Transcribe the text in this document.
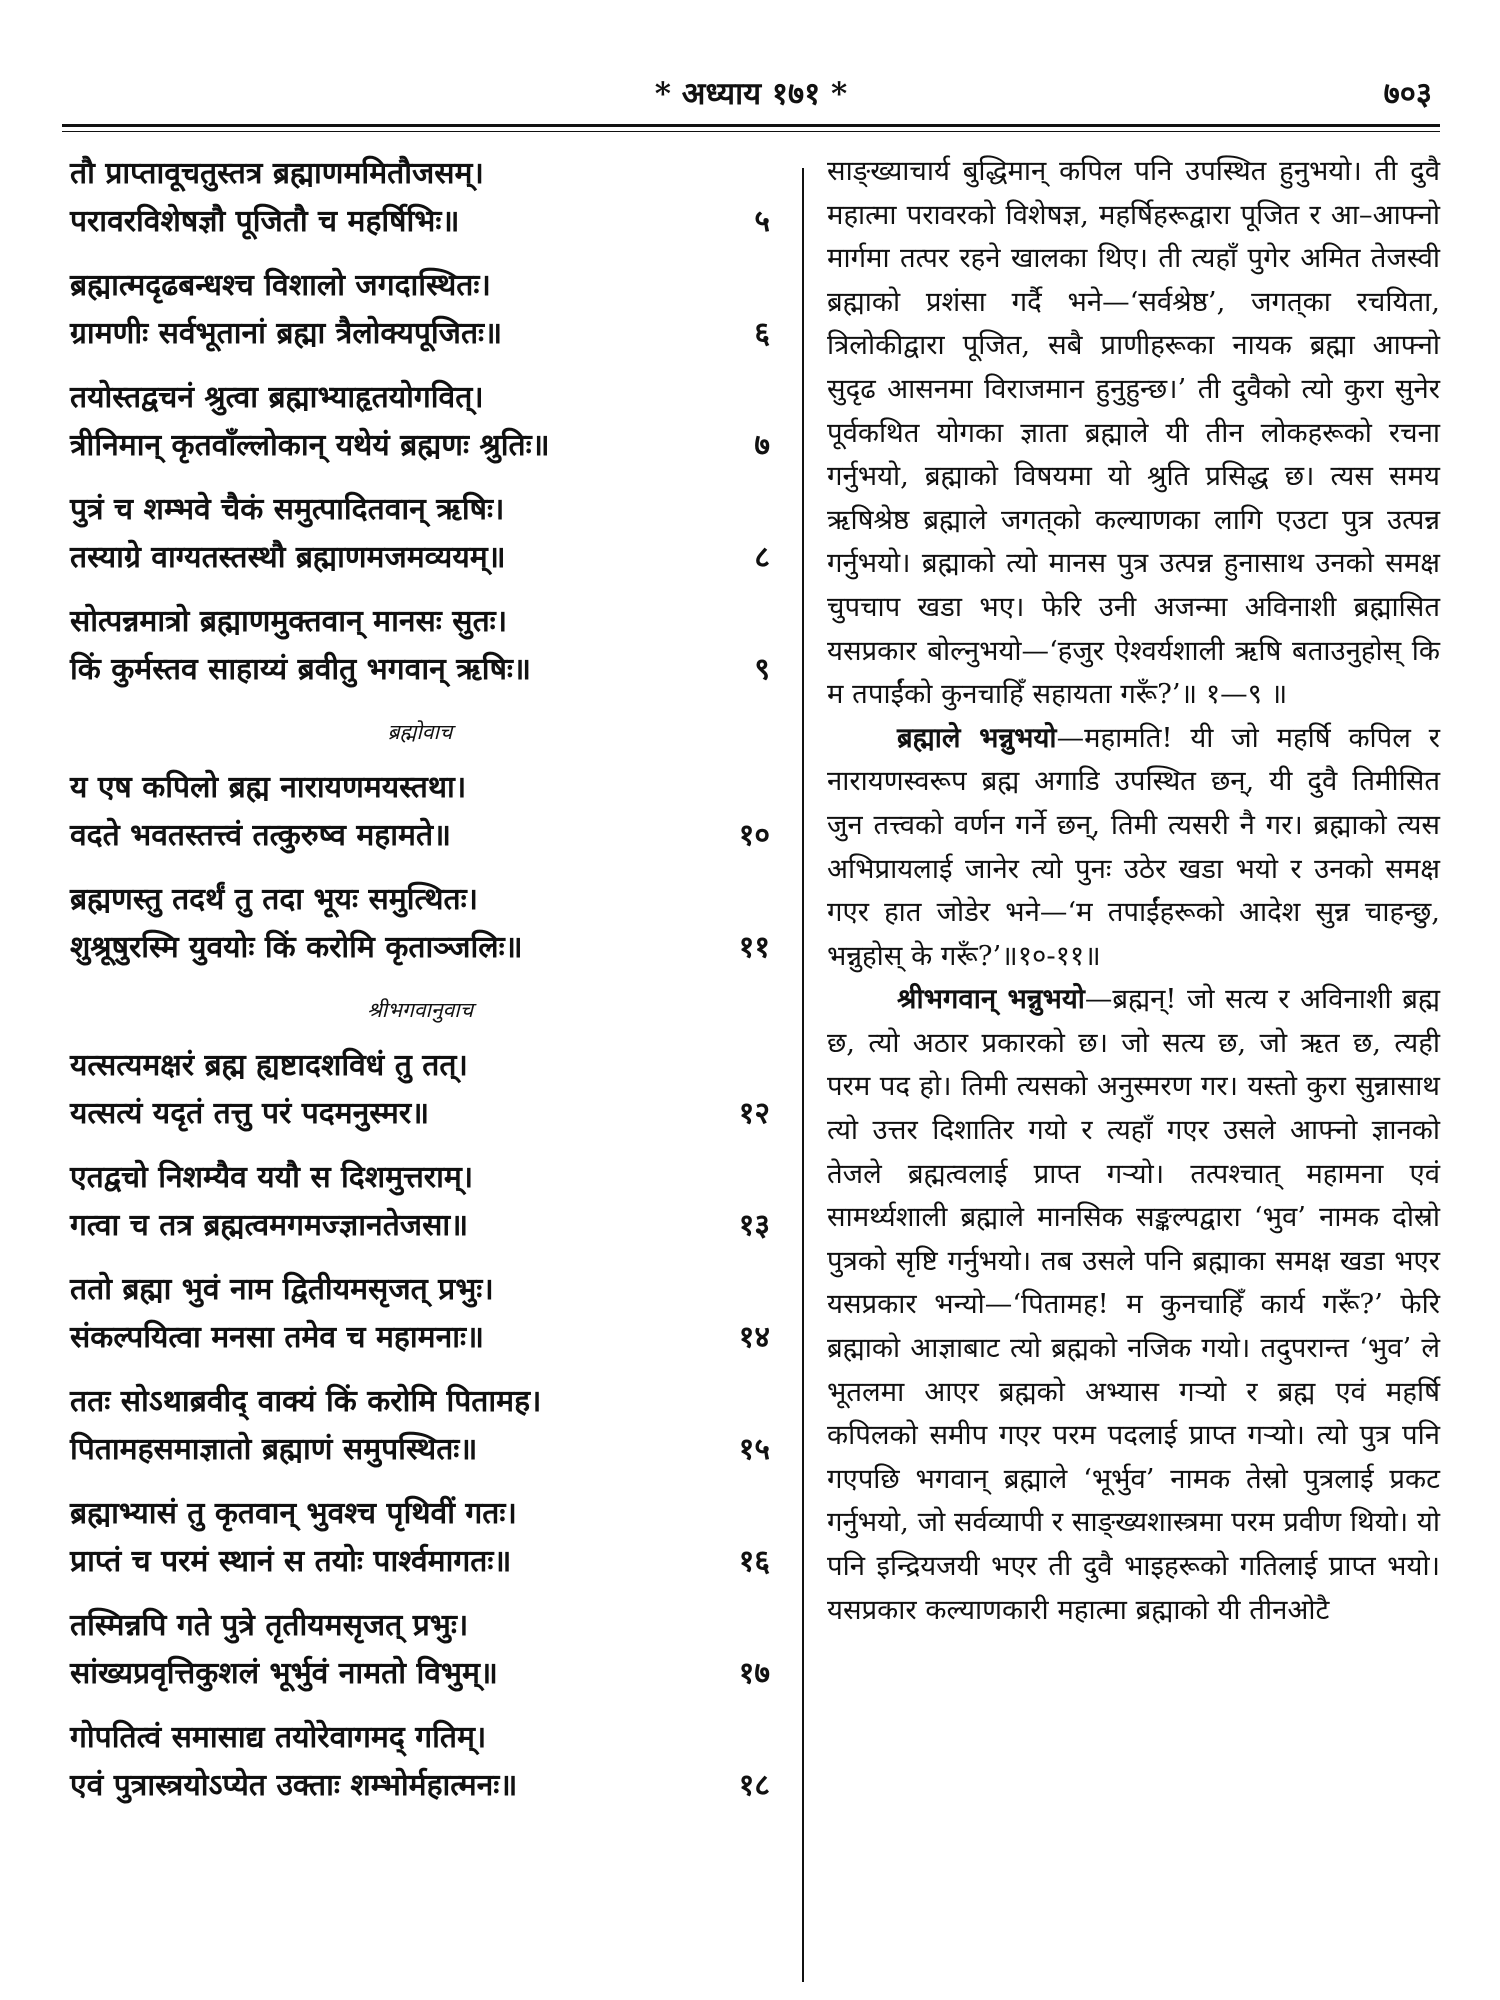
* अध्याय १७१ *	७०३
तौ प्राप्तावूचतुस्तत्र ब्रह्माणममितौजसम्।
परावरविशेषज्ञौ पूजितौ च महर्षिभिः॥	५
ब्रह्मात्मदृढबन्धश्च विशालो जगदास्थितः।
ग्रामणीः सर्वभूतानां ब्रह्मा त्रैलोक्यपूजितः॥	६
तयोस्तद्वचनं श्रुत्वा ब्रह्माभ्याहृतयोगवित्।
त्रीनिमान् कृतवाँल्लोकान् यथेयं ब्रह्मणः श्रुतिः॥	७
पुत्रं च शम्भवे चैकं समुत्पादितवान् ऋषिः।
तस्याग्रे वाग्यतस्तस्थौ ब्रह्माणमजमव्ययम्॥	८
सोत्पन्नमात्रो ब्रह्माणमुक्तवान् मानसः सुतः।
किं कुर्मस्तव साहाय्यं ब्रवीतु भगवान् ऋषिः॥	९
ब्रह्मोवाच
य एष कपिलो ब्रह्म नारायणमयस्तथा।
वदते भवतस्तत्त्वं तत्कुरुष्व महामते॥	१०
ब्रह्मणस्तु तदर्थं तु तदा भूयः समुत्थितः।
शुश्रूषुरस्मि युवयोः किं करोमि कृताञ्जलिः॥	११
श्रीभगवानुवाच
यत्सत्यमक्षरं ब्रह्म ह्यष्टादशविधं तु तत्।
यत्सत्यं यदृतं तत्तु परं पदमनुस्मर॥	१२
एतद्वचो निशम्यैव ययौ स दिशमुत्तराम्।
गत्वा च तत्र ब्रह्मत्वमगमज्ज्ञानतेजसा॥	१३
ततो ब्रह्मा भुवं नाम द्वितीयमसृजत् प्रभुः।
संकल्पयित्वा मनसा तमेव च महामनाः॥	१४
ततः सोऽथाब्रवीद् वाक्यं किं करोमि पितामह।
पितामहसमाज्ञातो ब्रह्माणं समुपस्थितः॥	१५
ब्रह्माभ्यासं तु कृतवान् भुवश्च पृथिवीं गतः।
प्राप्तं च परमं स्थानं स तयोः पार्श्वमागतः॥	१६
तस्मिन्नपि गते पुत्रे तृतीयमसृजत् प्रभुः।
सांख्यप्रवृत्तिकुशलं भूर्भुवं नामतो विभुम्॥	१७
गोपतित्वं समासाद्य तयोरेवागमद् गतिम्।
एवं पुत्रास्त्रयोऽप्येत उक्ताः शम्भोर्महात्मनः॥	१८

साङ्ख्याचार्य बुद्धिमान् कपिल पनि उपस्थित हुनुभयो। ती दुवै महात्मा परावरको विशेषज्ञ, महर्षिहरूद्वारा पूजित र आ–आफ्नो मार्गमा तत्पर रहने खालका थिए। ती त्यहाँ पुगेर अमित तेजस्वी ब्रह्माको प्रशंसा गर्दै भने—‘सर्वश्रेष्ठ’, जगत्‌का रचयिता, त्रिलोकीद्वारा पूजित, सबै प्राणीहरूका नायक ब्रह्मा आफ्नो सुदृढ आसनमा विराजमान हुनुहुन्छ।’ ती दुवैको त्यो कुरा सुनेर पूर्वकथित योगका ज्ञाता ब्रह्माले यी तीन लोकहरूको रचना गर्नुभयो, ब्रह्माको विषयमा यो श्रुति प्रसिद्ध छ। त्यस समय ऋषिश्रेष्ठ ब्रह्माले जगत्‌को कल्याणका लागि एउटा पुत्र उत्पन्न गर्नुभयो। ब्रह्माको त्यो मानस पुत्र उत्पन्न हुनासाथ उनको समक्ष चुपचाप खडा भए। फेरि उनी अजन्मा अविनाशी ब्रह्मासित यसप्रकार बोल्नुभयो—‘हजुर ऐश्वर्यशाली ऋषि बताउनुहोस् कि म तपाईंको कुनचाहिँ सहायता गरूँ?’॥ १—९ ॥

ब्रह्माले भन्नुभयो—महामति! यी जो महर्षि कपिल र नारायणस्वरूप ब्रह्म अगाडि उपस्थित छन्, यी दुवै तिमीसित जुन तत्त्वको वर्णन गर्ने छन्, तिमी त्यसरी नै गर। ब्रह्माको त्यस अभिप्रायलाई जानेर त्यो पुनः उठेर खडा भयो र उनको समक्ष गएर हात जोडेर भने—‘म तपाईंहरूको आदेश सुन्न चाहन्छु, भन्नुहोस् के गरूँ?’॥१०-११॥

श्रीभगवान् भन्नुभयो—ब्रह्मन्! जो सत्य र अविनाशी ब्रह्म छ, त्यो अठार प्रकारको छ। जो सत्य छ, जो ऋत छ, त्यही परम पद हो। तिमी त्यसको अनुस्मरण गर। यस्तो कुरा सुन्नासाथ त्यो उत्तर दिशातिर गयो र त्यहाँ गएर उसले आफ्नो ज्ञानको तेजले ब्रह्मत्वलाई प्राप्त गऱ्यो। तत्पश्चात् महामना एवं सामर्थ्यशाली ब्रह्माले मानसिक सङ्कल्पद्वारा ‘भुव’ नामक दोस्रो पुत्रको सृष्टि गर्नुभयो। तब उसले पनि ब्रह्माका समक्ष खडा भएर यसप्रकार भन्यो—‘पितामह! म कुनचाहिँ कार्य गरूँ?’ फेरि ब्रह्माको आज्ञाबाट त्यो ब्रह्मको नजिक गयो। तदुपरान्त ‘भुव’ ले भूतलमा आएर ब्रह्मको अभ्यास गऱ्यो र ब्रह्म एवं महर्षि कपिलको समीप गएर परम पदलाई प्राप्त गऱ्यो। त्यो पुत्र पनि गएपछि भगवान् ब्रह्माले ‘भूर्भुव’ नामक तेस्रो पुत्रलाई प्रकट गर्नुभयो, जो सर्वव्यापी र साङ्ख्यशास्त्रमा परम प्रवीण थियो। यो पनि इन्द्रियजयी भएर ती दुवै भाइहरूको गतिलाई प्राप्त भयो। यसप्रकार कल्याणकारी महात्मा ब्रह्माको यी तीनओटै
